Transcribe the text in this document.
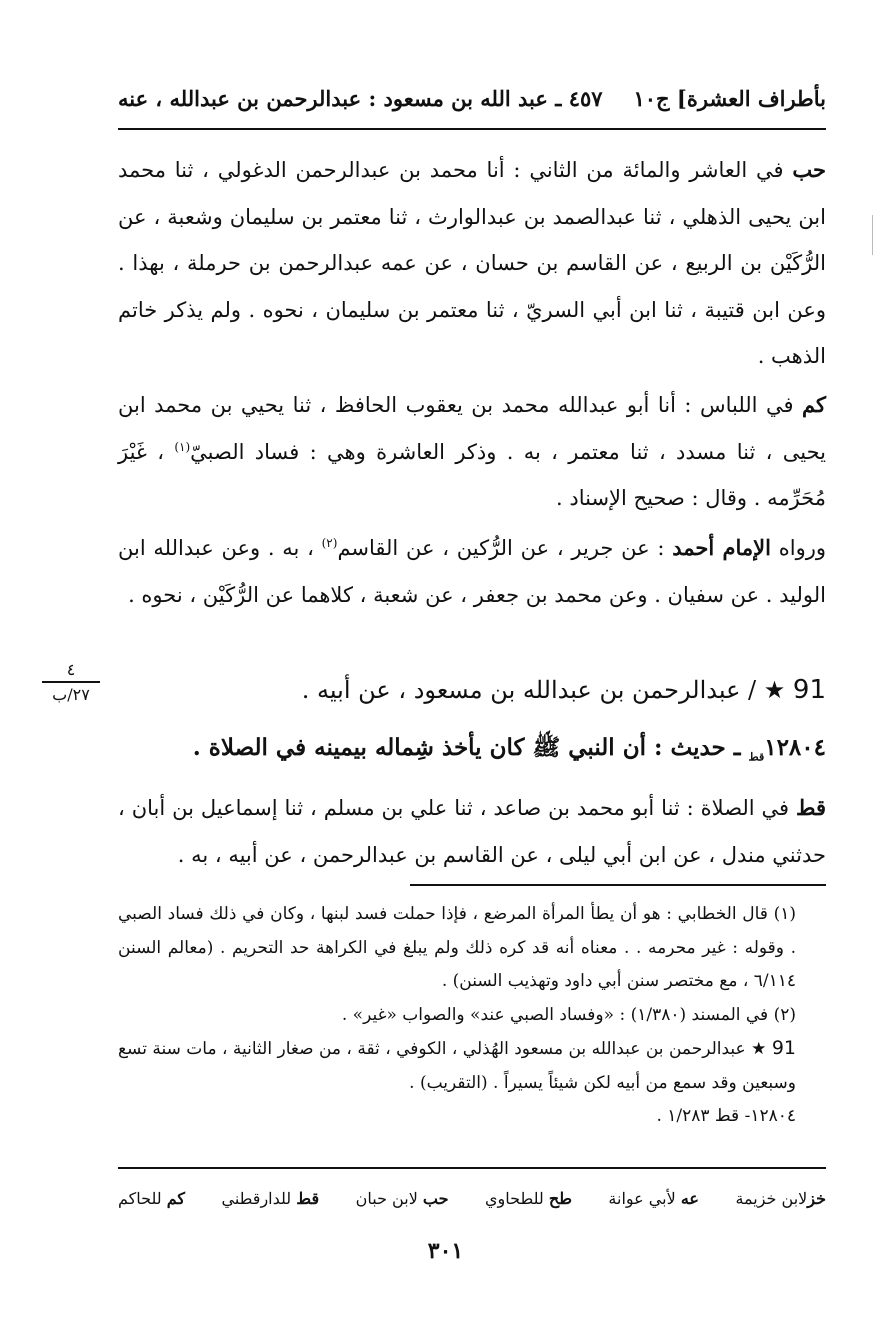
بأطراف العشرة] ج١٠
٤٥٧ ـ عبد الله بن مسعود : عبدالرحمن بن عبدالله ، عنه

حب في العاشر والمائة من الثاني : أنا محمد بن عبدالرحمن الدغولي ، ثنا محمد ابن يحيى الذهلي ، ثنا عبدالصمد بن عبدالوارث ، ثنا معتمر بن سليمان وشعبة ، عن الرُّكَيْن بن الربيع ، عن القاسم بن حسان ، عن عمه عبدالرحمن بن حرملة ، بهذا . وعن ابن قتيبة ، ثنا ابن أبي السريّ ، ثنا معتمر بن سليمان ، نحوه . ولم يذكر خاتم الذهب .

كم في اللباس : أنا أبو عبدالله محمد بن يعقوب الحافظ ، ثنا يحيي بن محمد ابن يحيى ، ثنا مسدد ، ثنا معتمر ، به . وذكر العاشرة وهي : فساد الصبيّ$^{(١)}$ ، غَيْرَ مُحَرِّمه . وقال : صحيح الإسناد .

ورواه الإمام أحمد : عن جرير ، عن الرُّكين ، عن القاسم$^{(٢)}$ ، به . وعن عبدالله ابن الوليد . عن سفيان . وعن محمد بن جعفر ، عن شعبة ، كلاهما عن الرُّكَيْن ، نحوه .

٤
٢٧/ب	91 ★ / عبدالرحمن بن عبدالله بن مسعود ، عن أبيه .
$١٢٨٠٤_{قط}$ ـ حديث : أن النبي ﷺ كان يأخذ شِماله بيمينه في الصلاة .

قط في الصلاة : ثنا أبو محمد بن صاعد ، ثنا علي بن مسلم ، ثنا إسماعيل بن أبان ، حدثني مندل ، عن ابن أبي ليلى ، عن القاسم بن عبدالرحمن ، عن أبيه ، به .

(١) قال الخطابي : هو أن يطأ المرأة المرضع ، فإذا حملت فسد لبنها ، وكان في ذلك فساد الصبي . وقوله : غير محرمه . . معناه أنه قد كره ذلك ولم يبلغ في الكراهة حد التحريم . (معالم السنن ٦/١١٤ ، مع مختصر سنن أبي داود وتهذيب السنن) .

(٢) في المسند (١/٣٨٠) : «وفساد الصبي عند» والصواب «غير» .

91 ★ عبدالرحمن بن عبدالله بن مسعود الهُذلي ، الكوفي ، ثقة ، من صغار الثانية ، مات سنة تسع وسبعين وقد سمع من أبيه لكن شيئاً يسيراً . (التقريب) .

١٢٨٠٤- قط ١/٢٨٣ .

خزلابن خزيمة
عه لأبي عوانة
طح للطحاوي
حب لابن حبان
قط للدارقطني
كم للحاكم
٣٠١
